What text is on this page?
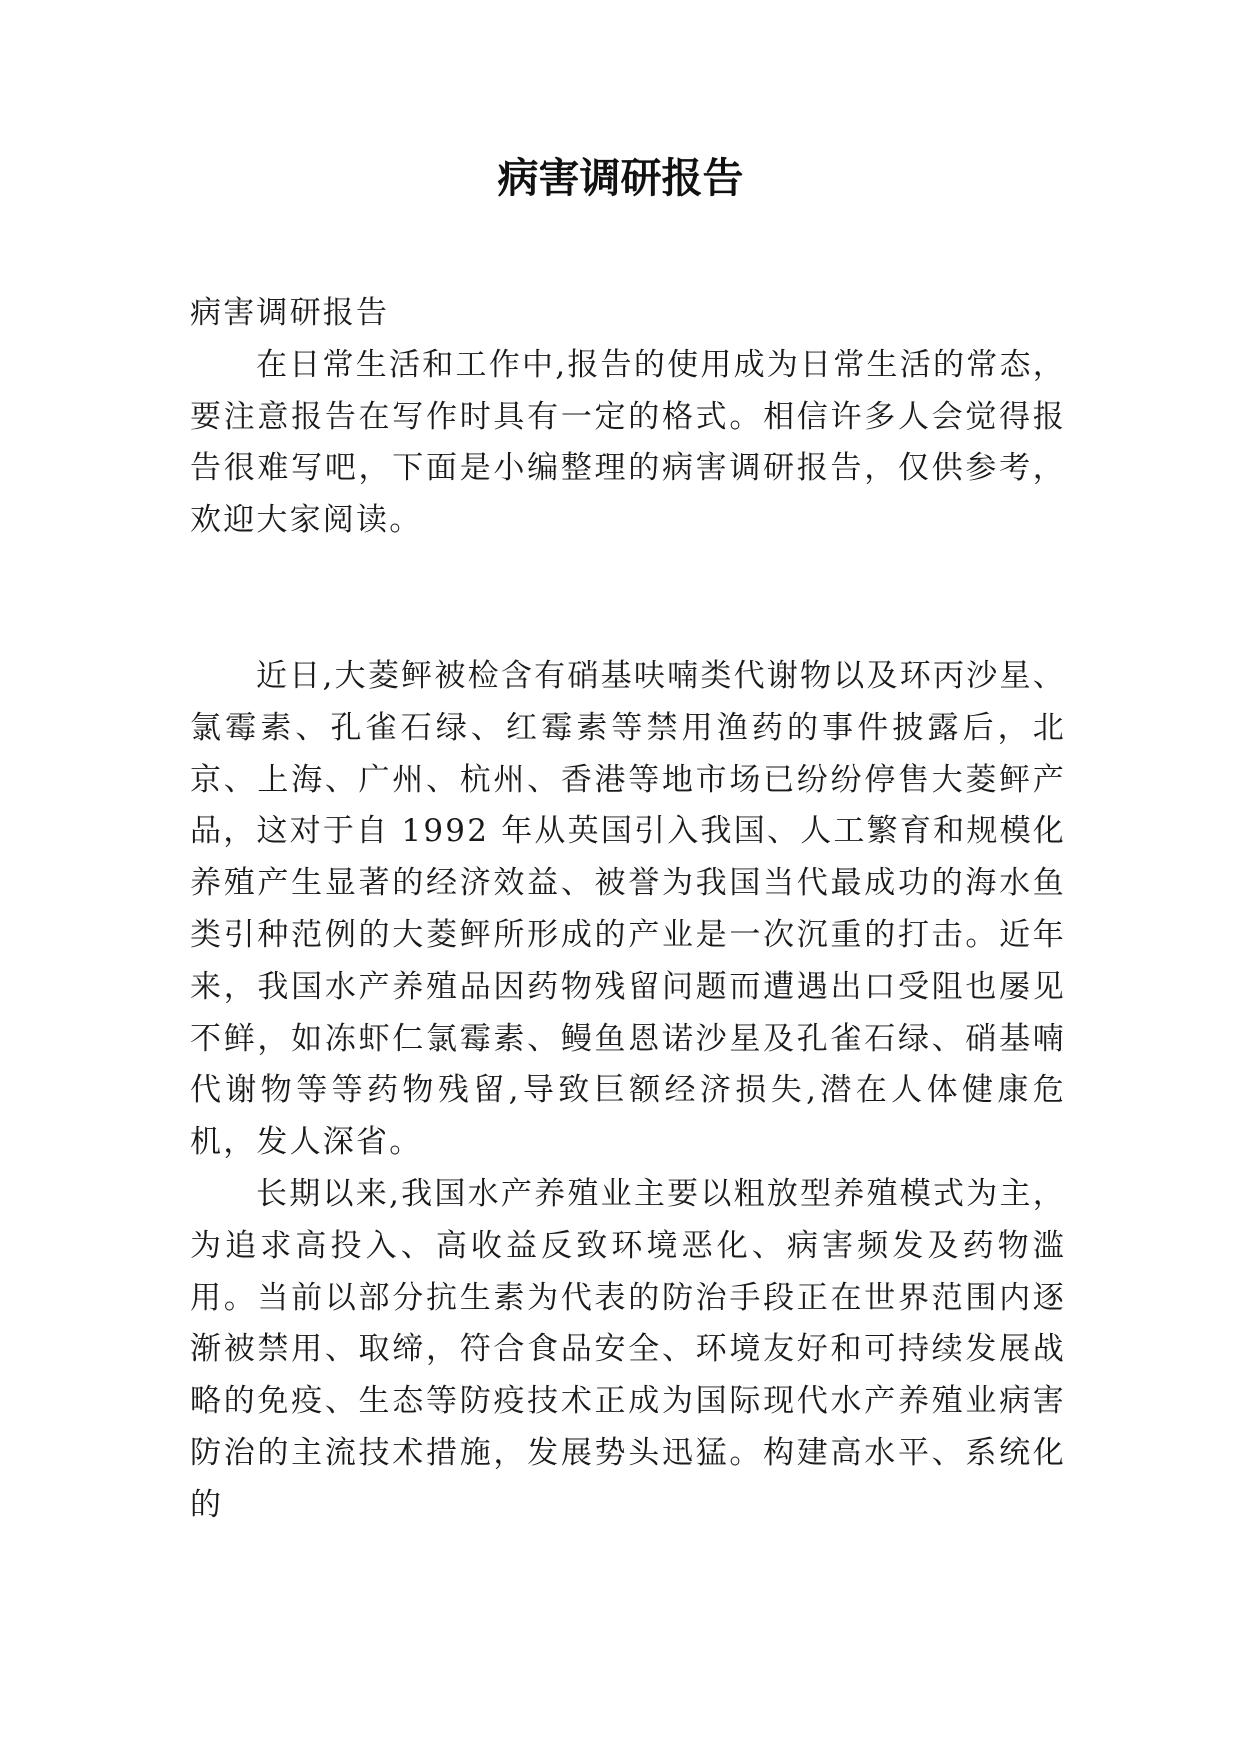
病害调研报告

病害调研报告

在日常生活和工作中,报告的使用成为日常生活的常态，要注意报告在写作时具有一定的格式。相信许多人会觉得报告很难写吧，下面是小编整理的病害调研报告，仅供参考，欢迎大家阅读。

近日,大菱鲆被检含有硝基呋喃类代谢物以及环丙沙星、氯霉素、孔雀石绿、红霉素等禁用渔药的事件披露后，北京、上海、广州、杭州、香港等地市场已纷纷停售大菱鲆产品，这对于自 1992 年从英国引入我国、人工繁育和规模化养殖产生显著的经济效益、被誉为我国当代最成功的海水鱼类引种范例的大菱鲆所形成的产业是一次沉重的打击。近年来，我国水产养殖品因药物残留问题而遭遇出口受阻也屡见不鲜，如冻虾仁氯霉素、鳗鱼恩诺沙星及孔雀石绿、硝基喃代谢物等等药物残留,导致巨额经济损失,潜在人体健康危机，发人深省。

长期以来,我国水产养殖业主要以粗放型养殖模式为主，为追求高投入、高收益反致环境恶化、病害频发及药物滥用。当前以部分抗生素为代表的防治手段正在世界范围内逐渐被禁用、取缔，符合食品安全、环境友好和可持续发展战略的免疫、生态等防疫技术正成为国际现代水产养殖业病害防治的主流技术措施，发展势头迅猛。构建高水平、系统化的
